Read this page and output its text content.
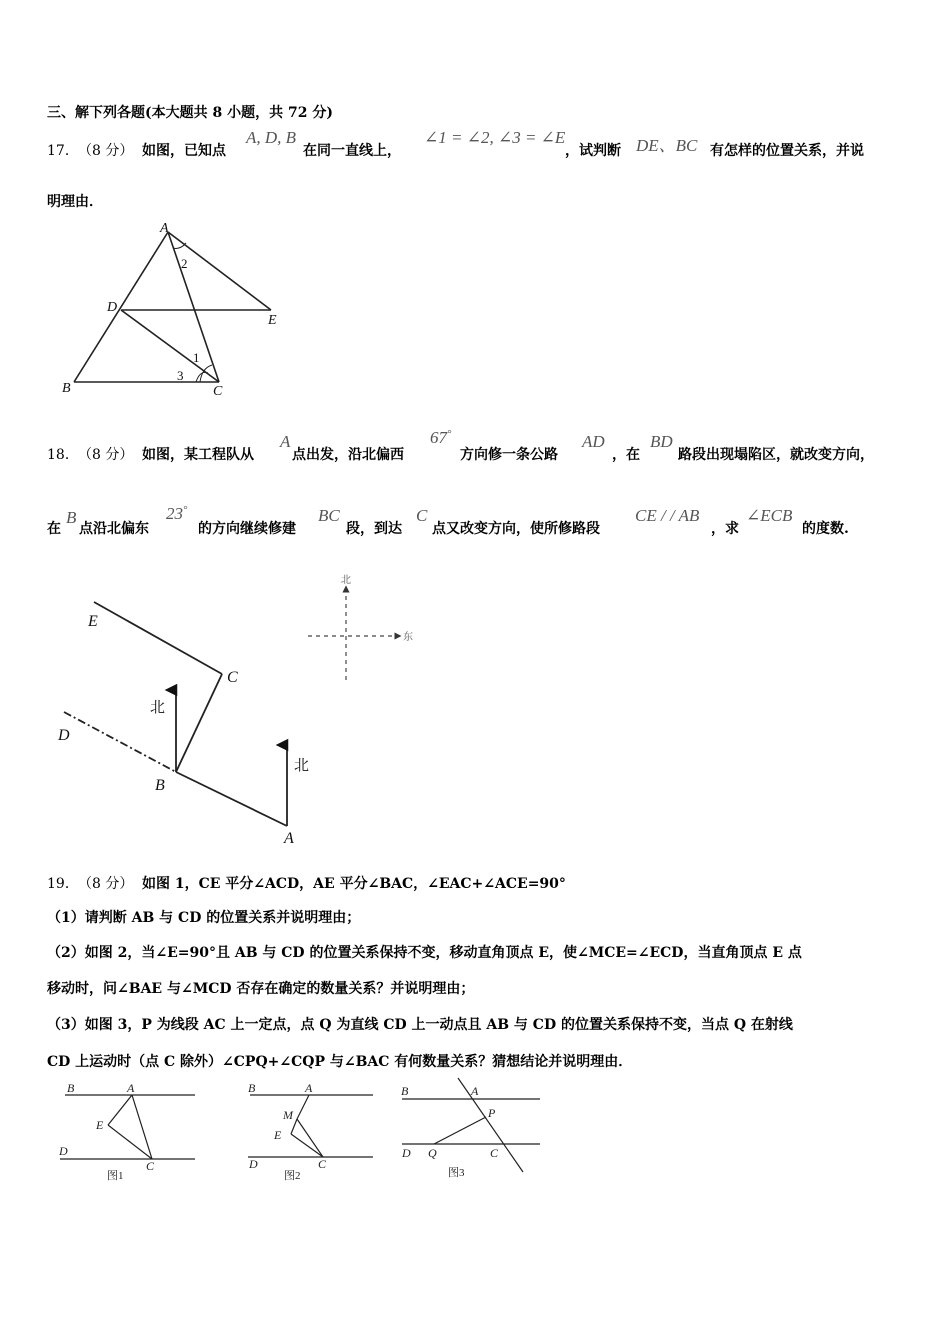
三、解下列各题(本大题共 8 小题，共 72 分)
17． （8 分） 如图，已知点
A, D, B
在同一直线上，
∠1 = ∠2, ∠3 = ∠E
，试判断 DE、BC 有怎样的位置关系，并说
明理由．
A
D
E
B	C
2
1
3
18． （8 分） 如图，某工程队从
A
点出发，沿北偏西
67°
方向修一条公路
AD
，在
BD
路段出现塌陷区，就改变方向，
在
B
点沿北偏东
23°
的方向继续修建
BC
段，到达
C
点又改变方向，使所修路段
CE / / AB
，求
∠ECB
的度数.
E
C
D
B
A
北
北
北
东
19． （8 分） 如图 1，CE 平分∠ACD，AE 平分∠BAC，∠EAC+∠ACE=90°
（1）请判断 AB 与 CD 的位置关系并说明理由；
（2）如图 2，当∠E=90°且 AB 与 CD 的位置关系保持不变，移动直角顶点 E，使∠MCE=∠ECD，当直角顶点 E 点
移动时，问∠BAE 与∠MCD 否存在确定的数量关系？并说明理由；
（3）如图 3，P 为线段 AC 上一定点，点 Q 为直线 CD 上一动点且 AB 与 CD 的位置关系保持不变，当点 Q 在射线
CD 上运动时（点 C 除外）∠CPQ+∠CQP 与∠BAC 有何数量关系？猜想结论并说明理由．
B	A
E
D
C
图1
B	A
M
E
D	C
图2
B	A
P
D Q	C
图3
